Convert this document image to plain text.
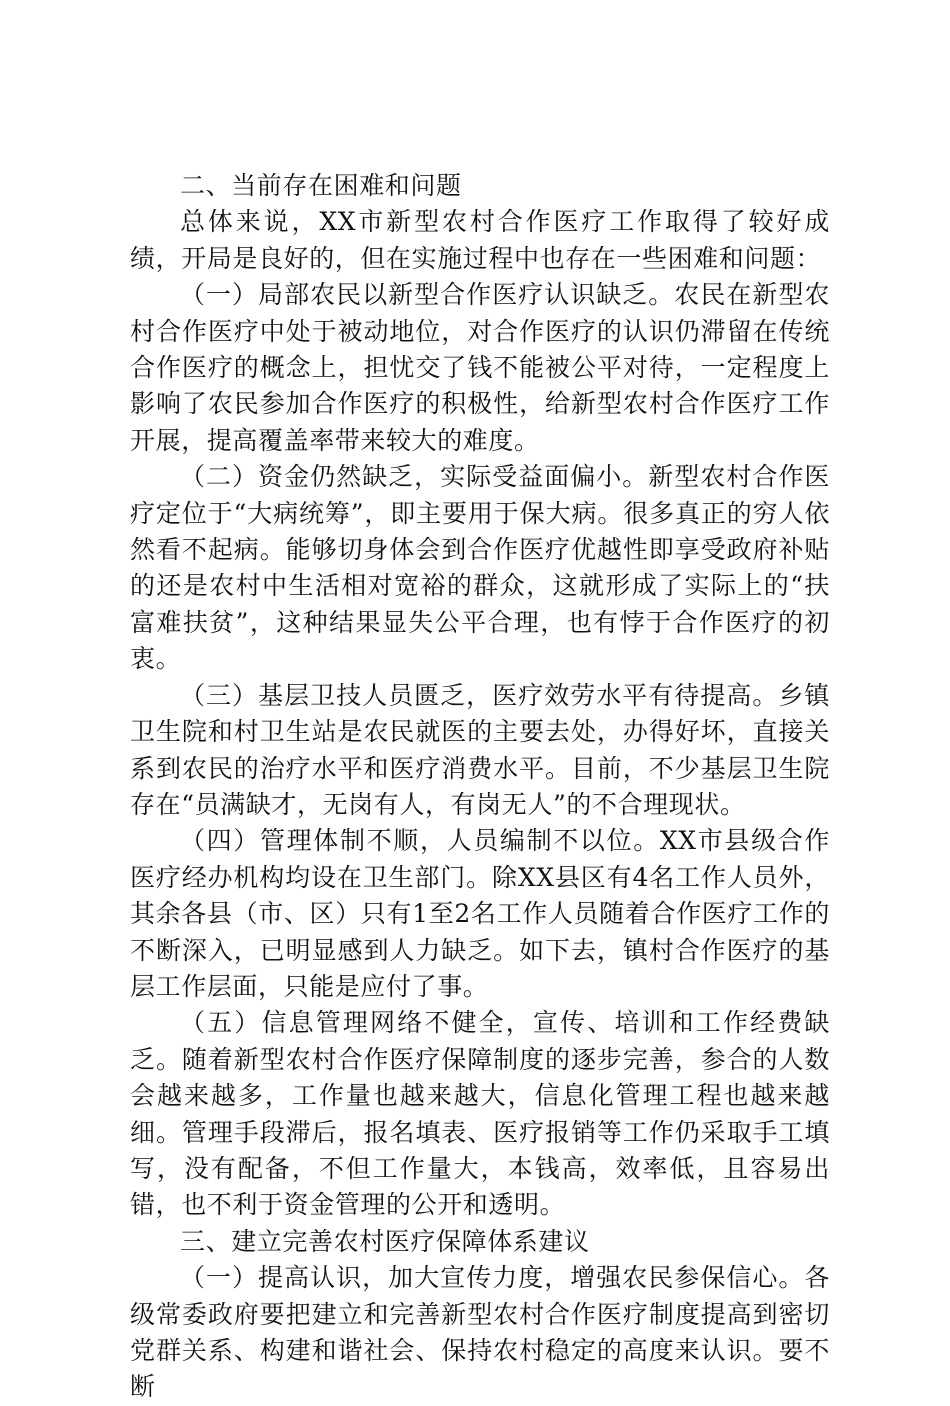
二、当前存在困难和问题

总体来说，XX市新型农村合作医疗工作取得了较好成绩，开局是良好的，但在实施过程中也存在一些困难和问题：

（一）局部农民以新型合作医疗认识缺乏。农民在新型农村合作医疗中处于被动地位，对合作医疗的认识仍滞留在传统合作医疗的概念上，担忧交了钱不能被公平对待，一定程度上影响了农民参加合作医疗的积极性，给新型农村合作医疗工作开展，提高覆盖率带来较大的难度。

（二）资金仍然缺乏，实际受益面偏小。新型农村合作医疗定位于“大病统筹”，即主要用于保大病。很多真正的穷人依然看不起病。能够切身体会到合作医疗优越性即享受政府补贴的还是农村中生活相对宽裕的群众，这就形成了实际上的“扶富难扶贫”，这种结果显失公平合理，也有悖于合作医疗的初衷。

（三）基层卫技人员匮乏，医疗效劳水平有待提高。乡镇卫生院和村卫生站是农民就医的主要去处，办得好坏，直接关系到农民的治疗水平和医疗消费水平。目前，不少基层卫生院存在“员满缺才，无岗有人，有岗无人”的不合理现状。

（四）管理体制不顺，人员编制不以位。XX市县级合作医疗经办机构均设在卫生部门。除XX县区有4名工作人员外，其余各县（市、区）只有1至2名工作人员随着合作医疗工作的不断深入，已明显感到人力缺乏。如下去，镇村合作医疗的基层工作层面，只能是应付了事。

（五）信息管理网络不健全，宣传、培训和工作经费缺乏。随着新型农村合作医疗保障制度的逐步完善，参合的人数会越来越多，工作量也越来越大，信息化管理工程也越来越细。管理手段滞后，报名填表、医疗报销等工作仍采取手工填写，没有配备，不但工作量大，本钱高，效率低，且容易出错，也不利于资金管理的公开和透明。

三、建立完善农村医疗保障体系建议

（一）提高认识，加大宣传力度，增强农民参保信心。各级常委政府要把建立和完善新型农村合作医疗制度提高到密切党群关系、构建和谐社会、保持农村稳定的高度来认识。要不断
